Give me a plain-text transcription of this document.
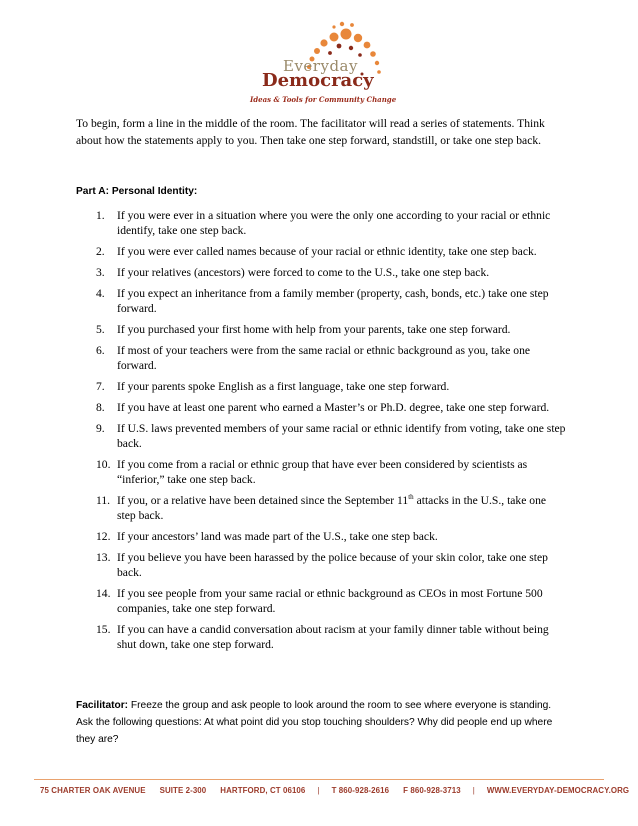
Everyday
Democracy
Ideas & Tools for Community Change
To begin, form a line in the middle of the room. The facilitator will read a series of statements. Think about how the statements apply to you. Then take one step forward, standstill, or take one step back.
Part A: Personal Identity:
1.	If you were ever in a situation where you were the only one according to your racial or ethnic identify, take one step back.
2.	If you were ever called names because of your racial or ethnic identity, take one step back.
3.	If your relatives (ancestors) were forced to come to the U.S., take one step back.
4.	If you expect an inheritance from a family member (property, cash, bonds, etc.) take one step forward.
5.	If you purchased your first home with help from your parents, take one step forward.
6.	If most of your teachers were from the same racial or ethnic background as you, take one forward.
7.	If your parents spoke English as a first language, take one step forward.
8.	If you have at least one parent who earned a Master’s or Ph.D. degree, take one step forward.
9.	If U.S. laws prevented members of your same racial or ethnic identify from voting, take one step back.
10. If you come from a racial or ethnic group that have ever been considered by scientists as “inferior,” take one step back.
11. If you, or a relative have been detained since the September 11th attacks in the U.S., take one step back.
12. If your ancestors’ land was made part of the U.S., take one step back.
13. If you believe you have been harassed by the police because of your skin color, take one step back.
14. If you see people from your same racial or ethnic background as CEOs in most Fortune 500 companies, take one step forward.
15. If you can have a candid conversation about racism at your family dinner table without being shut down, take one step forward.
Facilitator: Freeze the group and ask people to look around the room to see where everyone is standing. Ask the following questions: At what point did you stop touching shoulders? Why did people end up where they are?
75 CHARTER OAK AVENUE SUITE 2-300 HARTFORD, CT 06106 | T 860-928-2616 F 860-928-3713 | WWW.EVERYDAY-DEMOCRACY.ORG
